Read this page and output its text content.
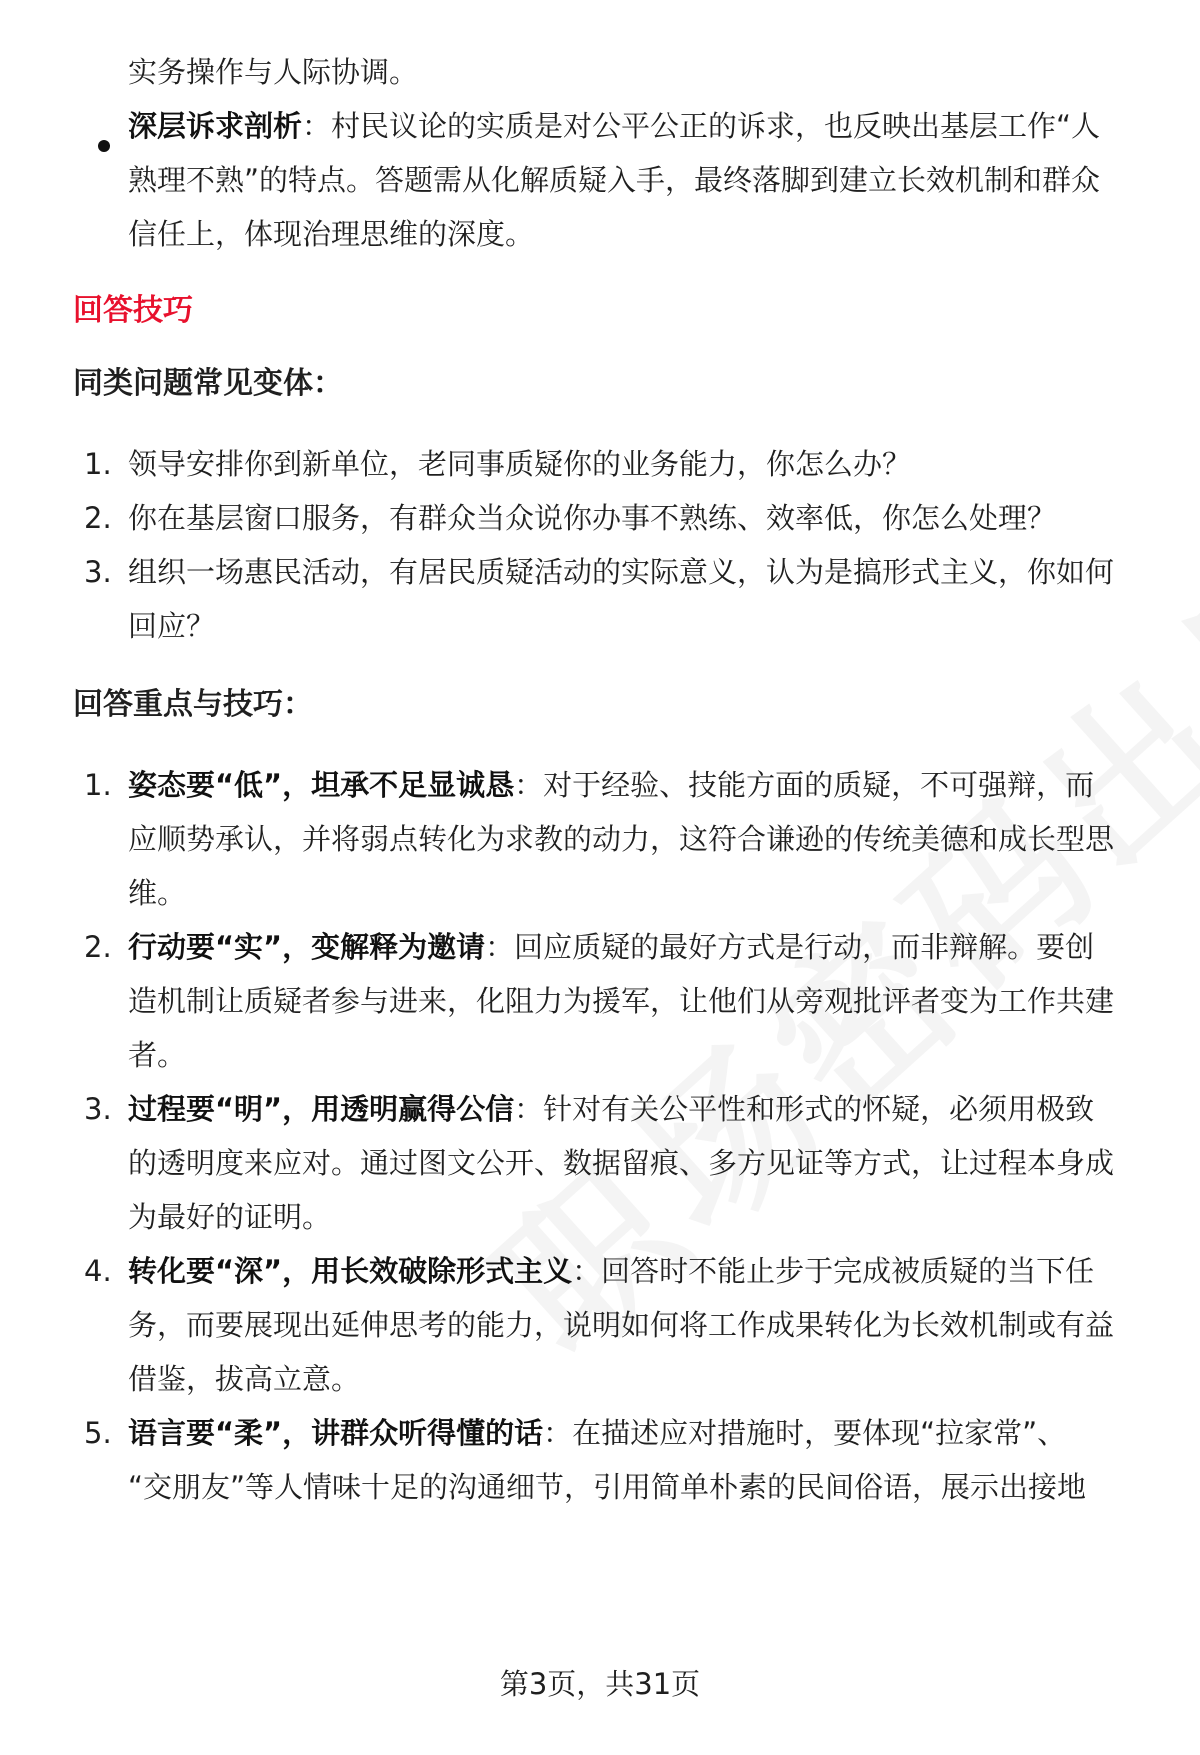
实务操作与人际协调。
深层诉求剖析：村民议论的实质是对公平公正的诉求，也反映出基层工作“人
熟理不熟”的特点。答题需从化解质疑入手，最终落脚到建立长效机制和群众
信任上，体现治理思维的深度。
回答技巧
同类问题常见变体：
1. 领导安排你到新单位，老同事质疑你的业务能力，你怎么办？
2. 你在基层窗口服务，有群众当众说你办事不熟练、效率低，你怎么处理？
3. 组织一场惠民活动，有居民质疑活动的实际意义，认为是搞形式主义，你如何
回应？
回答重点与技巧：
1. 姿态要“低”，坦承不足显诚恳：对于经验、技能方面的质疑，不可强辩，而
应顺势承认，并将弱点转化为求教的动力，这符合谦逊的传统美德和成长型思
维。
2. 行动要“实”，变解释为邀请：回应质疑的最好方式是行动，而非辩解。要创
造机制让质疑者参与进来，化阻力为援军，让他们从旁观批评者变为工作共建
者。
3. 过程要“明”，用透明赢得公信：针对有关公平性和形式的怀疑，必须用极致
的透明度来应对。通过图文公开、数据留痕、多方见证等方式，让过程本身成
为最好的证明。
4. 转化要“深”，用长效破除形式主义：回答时不能止步于完成被质疑的当下任
务，而要展现出延伸思考的能力，说明如何将工作成果转化为长效机制或有益
借鉴，拔高立意。
5. 语言要“柔”，讲群众听得懂的话：在描述应对措施时，要体现“拉家常”、
“交朋友”等人情味十足的沟通细节，引用简单朴素的民间俗语，展示出接地
第3页，共31页
